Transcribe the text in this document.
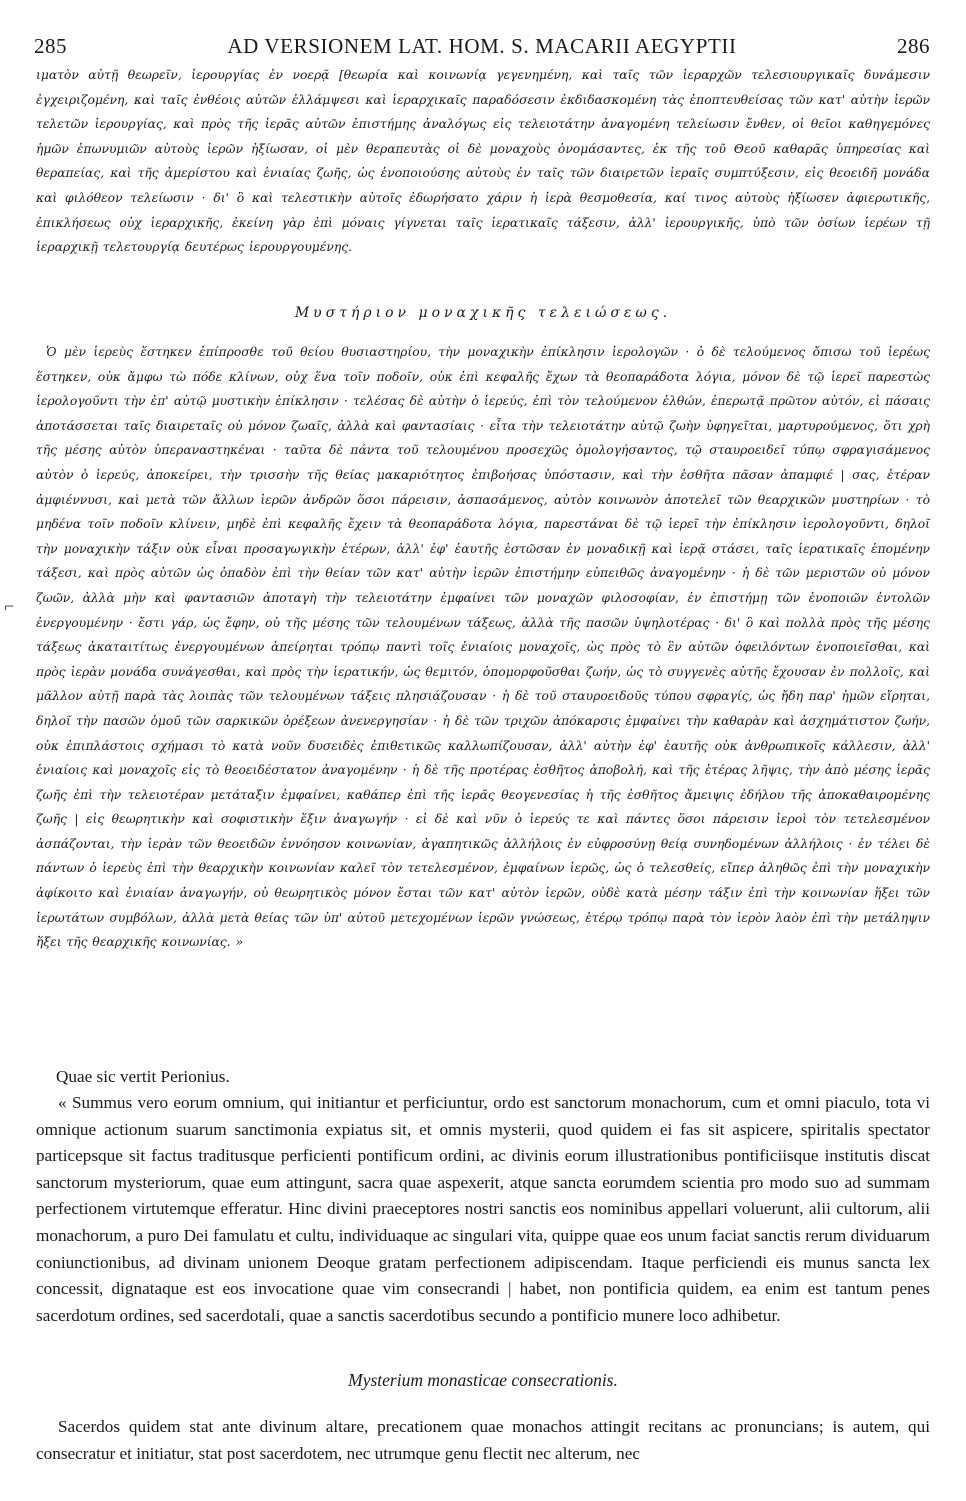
285	AD VERSIONEM LAT. HOM. S. MACARII AEGYPTII	286

ιματὸν αὐτῇ θεωρεῖν, ἱερουργίας ἐν νοερᾷ [θεωρία καὶ κοινωνίᾳ γεγενημένη, καὶ ταῖς τῶν ἱεραρχῶν τελεσιουργικαῖς δυνάμεσιν ἐγχειριζομένη, καὶ ταῖς ἐνθέοις αὐτῶν ἐλλάμψεσι καὶ ἱεραρχικαῖς παραδόσεσιν ἐκδιδασκομένη τὰς ἐποπτευθείσας τῶν κατ' αὐτὴν ἱερῶν τελετῶν ἱερουργίας, καὶ πρὸς τῆς ἱερᾶς αὐτῶν ἐπιστήμης ἀναλόγως εἰς τελειοτάτην ἀναγομένη τελείωσιν ἔνθεν, οἱ θεῖοι καθηγεμόνες ἡμῶν ἐπωνυμιῶν αὐτοὺς ἱερῶν ἠξίωσαν, οἱ μὲν θεραπευτὰς οἱ δὲ μοναχοὺς ὀνομάσαντες, ἐκ τῆς τοῦ Θεοῦ καθαρᾶς ὑπηρεσίας καὶ θεραπείας, καὶ τῆς ἀμερίστου καὶ ἑνιαίας ζωῆς, ὡς ἑνοποιούσης αὐτοὺς ἐν ταῖς τῶν διαιρετῶν ἱεραῖς συμπτύξεσιν, εἰς θεοειδῆ μονάδα καὶ φιλόθεον τελείωσιν · δι' ὃ καὶ τελεστικὴν αὐτοῖς ἐδωρήσατο χάριν ἡ ἱερὰ θεσμοθεσία, καί τινος αὐτοὺς ἠξίωσεν ἀφιερωτικῆς, ἐπικλήσεως οὐχ ἱεραρχικῆς, ἐκείνη γὰρ ἐπὶ μόναις γίγνεται ταῖς ἱερατικαῖς τάξεσιν, ἀλλ' ἱερουργικῆς, ὑπὸ τῶν ὁσίων ἱερέων τῇ ἱεραρχικῇ τελετουργίᾳ δευτέρως ἱερουργουμένης.

Μυστήριον μοναχικῆς τελειώσεως.

Ὁ μὲν ἱερεὺς ἕστηκεν ἐπίπροσθε τοῦ θείου θυσιαστηρίου, τὴν μοναχικὴν ἐπίκλησιν ἱερολογῶν · ὁ δὲ τελούμενος ὄπισω τοῦ ἱερέως ἕστηκεν, οὐκ ἄμφω τὼ πόδε κλίνων, οὐχ ἕνα τοῖν ποδοῖν, οὐκ ἐπὶ κεφαλῆς ἔχων τὰ θεοπαράδοτα λόγια, μόνον δὲ τῷ ἱερεῖ παρεστὼς ἱερολογοῦντι τὴν ἐπ' αὐτῷ μυστικὴν ἐπίκλησιν · τελέσας δὲ αὐτὴν ὁ ἱερεύς, ἐπὶ τὸν τελούμενον ἐλθών, ἐπερωτᾷ πρῶτον αὐτόν, εἰ πάσαις ἀποτάσσεται ταῖς διαιρεταῖς οὐ μόνον ζωαῖς, ἀλλὰ καὶ φαντασίαις · εἶτα τὴν τελειοτάτην αὐτῷ ζωὴν ὑφηγεῖται, μαρτυρούμενος, ὅτι χρὴ τῆς μέσης αὐτὸν ὑπεραναστηκέναι · ταῦτα δὲ πάντα τοῦ τελουμένου προσεχῶς ὁμολογήσαντος, τῷ σταυροειδεῖ τύπῳ σφραγισάμενος αὐτὸν ὁ ἱερεύς, ἀποκείρει, τὴν τρισσὴν τῆς θείας μακαριότητος ἐπιβοήσας ὑπόστασιν, καὶ τὴν ἐσθῆτα πᾶσαν ἀπαμφιέ | σας, ἑτέραν ἀμφιέννυσι, καὶ μετὰ τῶν ἄλλων ἱερῶν ἀνδρῶν ὅσοι πάρεισιν, ἀσπασάμενος, αὐτὸν κοινωνὸν ἀποτελεῖ τῶν θεαρχικῶν μυστηρίων · τὸ μηδένα τοῖν ποδοῖν κλίνειν, μηδὲ ἐπὶ κεφαλῆς ἔχειν τὰ θεοπαράδοτα λόγια, παρεστάναι δὲ τῷ ἱερεῖ τὴν ἐπίκλησιν ἱερολογοῦντι, δηλοῖ τὴν μοναχικὴν τάξιν οὐκ εἶναι προσαγωγικὴν ἑτέρων, ἀλλ' ἐφ' ἑαυτῆς ἑστῶσαν ἐν μοναδικῇ καὶ ἱερᾷ στάσει, ταῖς ἱερατικαῖς ἑπομένην τάξεσι, καὶ πρὸς αὐτῶν ὡς ὀπαδὸν ἐπὶ τὴν θείαν τῶν κατ' αὐτὴν ἱερῶν ἐπιστήμην εὐπειθῶς ἀναγομένην · ἡ δὲ τῶν μεριστῶν οὐ μόνον ζωῶν, ἀλλὰ μὴν καὶ φαντασιῶν ἀποταγὴ τὴν τελειοτάτην ἐμφαίνει τῶν μοναχῶν φιλοσοφίαν, ἐν ἐπιστήμῃ τῶν ἑνοποιῶν ἐντολῶν ἐνεργουμένην · ἔστι γάρ, ὡς ἔφην, οὐ τῆς μέσης τῶν τελουμένων τάξεως, ἀλλὰ τῆς πασῶν ὑψηλοτέρας · δι' ὃ καὶ πολλὰ πρὸς τῆς μέσης τάξεως ἀκαταιτίτως ἐνεργουμένων ἀπείρηται τρόπῳ παντὶ τοῖς ἑνιαίοις μοναχοῖς, ὡς πρὸς τὸ ἓν αὐτῶν ὀφειλόντων ἑνοποιεῖσθαι, καὶ πρὸς ἱερὰν μονάδα συνάγεσθαι, καὶ πρὸς τὴν ἱερατικήν, ὡς θεμιτόν, ὁπομορφοῦσθαι ζωήν, ὡς τὸ συγγενὲς αὐτῆς ἔχουσαν ἐν πολλοῖς, καὶ μᾶλλον αὐτῇ παρὰ τὰς λοιπὰς τῶν τελουμένων τάξεις πλησιάζουσαν · ἡ δὲ τοῦ σταυροειδοῦς τύπου σφραγίς, ὡς ἤδη παρ' ἡμῶν εἴρηται, δηλοῖ τὴν πασῶν ὁμοῦ τῶν σαρκικῶν ὀρέξεων ἀνενεργησίαν · ἡ δὲ τῶν τριχῶν ἀπόκαρσις ἐμφαίνει τὴν καθαρὰν καὶ ἀσχημάτιστον ζωήν, οὐκ ἐπιπλάστοις σχήμασι τὸ κατὰ νοῦν δυσειδὲς ἐπιθετικῶς καλλωπίζουσαν, ἀλλ' αὐτὴν ἐφ' ἑαυτῆς οὐκ ἀνθρωπικοῖς κάλλεσιν, ἀλλ' ἑνιαίοις καὶ μοναχοῖς εἰς τὸ θεοειδέστατον ἀναγομένην · ἡ δὲ τῆς προτέρας ἐσθῆτος ἀποβολή, καὶ τῆς ἑτέρας λῆψις, τὴν ἀπὸ μέσης ἱερᾶς ζωῆς ἐπὶ τὴν τελειοτέραν μετάταξιν ἐμφαίνει, καθάπερ ἐπὶ τῆς ἱερᾶς θεογενεσίας ἡ τῆς ἐσθῆτος ἄμειψις ἐδήλου τῆς ἀποκαθαιρομένης ζωῆς | εἰς θεωρητικὴν καὶ σοφιστικὴν ἕξιν ἀναγωγήν · εἰ δὲ καὶ νῦν ὁ ἱερεύς τε καὶ πάντες ὅσοι πάρεισιν ἱεροὶ τὸν τετελεσμένον ἀσπάζονται, τὴν ἱερὰν τῶν θεοειδῶν ἐννόησον κοινωνίαν, ἀγαπητικῶς ἀλλήλοις ἐν εὐφροσύνῃ θείᾳ συνηδομένων ἀλλήλοις · ἐν τέλει δὲ πάντων ὁ ἱερεὺς ἐπὶ τὴν θεαρχικὴν κοινωνίαν καλεῖ τὸν τετελεσμένον, ἐμφαίνων ἱερῶς, ὡς ὁ τελεσθείς, εἴπερ ἀληθῶς ἐπὶ τὴν μοναχικὴν ἀφίκοιτο καὶ ἑνιαίαν ἀναγωγήν, οὐ θεωρητικὸς μόνον ἔσται τῶν κατ' αὐτὸν ἱερῶν, οὐδὲ κατὰ μέσην τάξιν ἐπὶ τὴν κοινωνίαν ἥξει τῶν ἱερωτάτων συμβόλων, ἀλλὰ μετὰ θείας τῶν ὑπ' αὐτοῦ μετεχομένων ἱερῶν γνώσεως, ἑτέρῳ τρόπῳ παρὰ τὸν ἱερὸν λαὸν ἐπὶ τὴν μετάληψιν ἥξει τῆς θεαρχικῆς κοινωνίας. »

⌐
Quae sic vertit Perionius.

« Summus vero eorum omnium, qui initiantur et perficiuntur, ordo est sanctorum monachorum, cum et omni piaculo, tota vi omnique actionum suarum sanctimonia expiatus sit, et omnis mysterii, quod quidem ei fas sit aspicere, spiritalis spectator particepsque sit factus traditusque perficienti pontificum ordini, ac divinis eorum illustrationibus pontificiisque institutis discat sanctorum mysteriorum, quae eum attingunt, sacra quae aspexerit, atque sancta eorumdem scientia pro modo suo ad summam perfectionem virtutemque efferatur. Hinc divini praeceptores nostri sanctis eos nominibus appellari voluerunt, alii cultorum, alii monachorum, a puro Dei famulatu et cultu, individuaque ac singulari vita, quippe quae eos unum faciat sanctis rerum dividuarum coniunctionibus, ad divinam unionem Deoque gratam perfectionem adipiscendam. Itaque perficiendi eis munus sancta lex concessit, dignataque est eos invocatione quae vim consecrandi | habet, non pontificia quidem, ea enim est tantum penes sacerdotum ordines, sed sacerdotali, quae a sanctis sacerdotibus secundo a pontificio munere loco adhibetur.

Mysterium monasticae consecrationis.

Sacerdos quidem stat ante divinum altare, precationem quae monachos attingit recitans ac pronuncians; is autem, qui consecratur et initiatur, stat post sacerdotem, nec utrumque genu flectit nec alterum, nec
